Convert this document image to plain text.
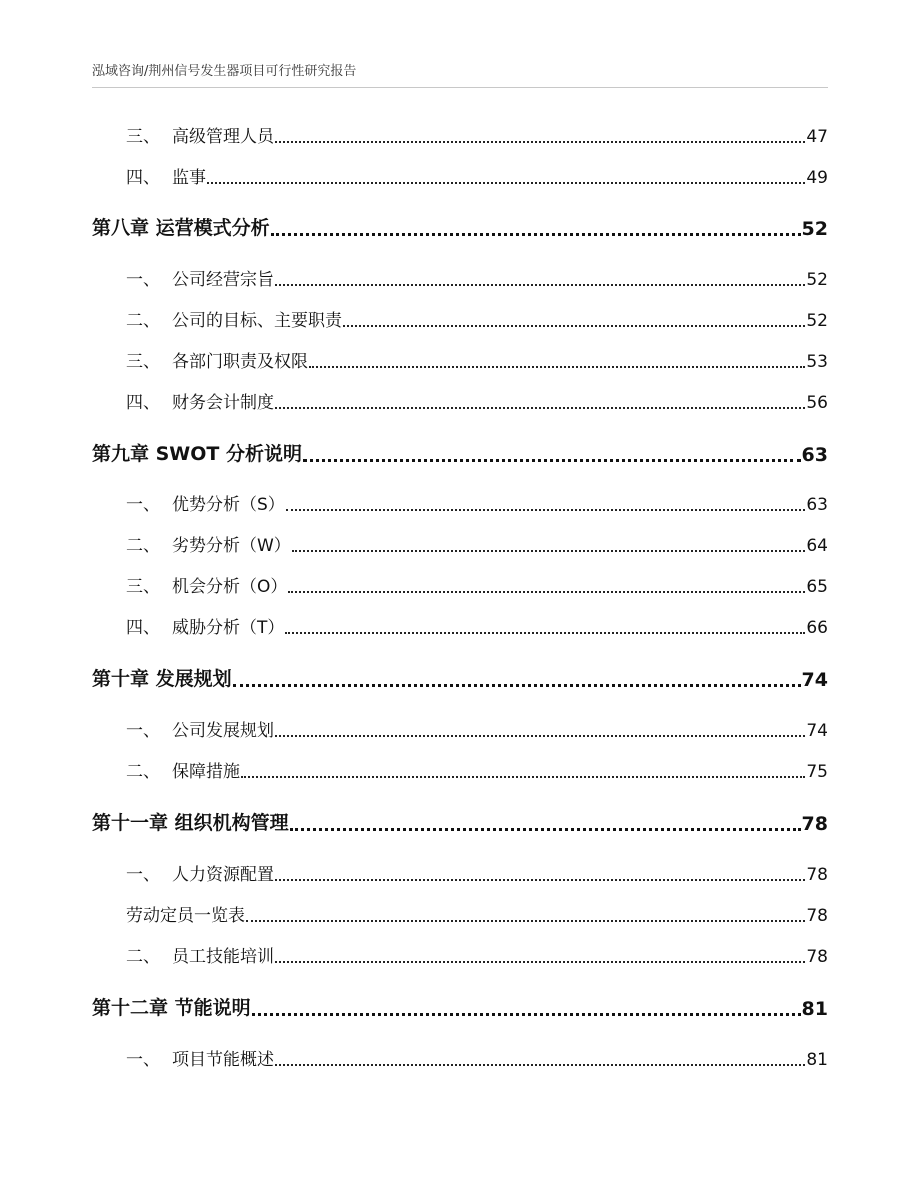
泓域咨询/荆州信号发生器项目可行性研究报告
三、 高级管理人员	47
四、 监事	49
第八章 运营模式分析	52
一、 公司经营宗旨	52
二、 公司的目标、主要职责	52
三、 各部门职责及权限	53
四、 财务会计制度	56
第九章 SWOT 分析说明	63
一、 优势分析（S）	63
二、 劣势分析（W）	64
三、 机会分析（O）	65
四、 威胁分析（T）	66
第十章 发展规划	74
一、 公司发展规划	74
二、 保障措施	75
第十一章 组织机构管理	78
一、 人力资源配置	78
劳动定员一览表	78
二、 员工技能培训	78
第十二章 节能说明	81
一、 项目节能概述	81
